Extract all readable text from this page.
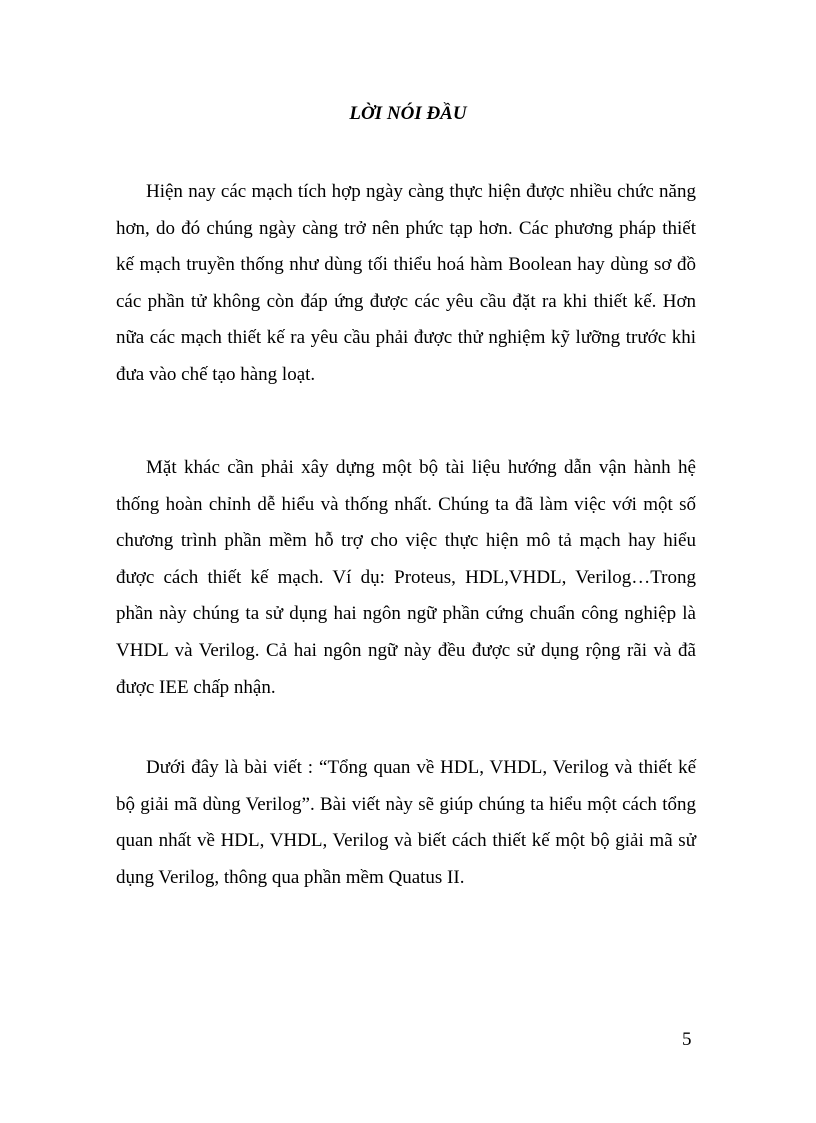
LỜI NÓI ĐẦU

Hiện nay các mạch tích hợp ngày càng thực hiện được nhiều chức năng hơn, do đó chúng ngày càng trở nên phức tạp hơn. Các phương pháp thiết kế mạch truyền thống như dùng tối thiểu hoá hàm Boolean hay dùng sơ đồ các phần tử không còn đáp ứng được các yêu cầu đặt ra khi thiết kế. Hơn nữa các mạch thiết kế ra yêu cầu phải được thử nghiệm kỹ lưỡng trước khi đưa vào chế tạo hàng loạt.

Mặt khác cần phải xây dựng một bộ tài liệu hướng dẫn vận hành hệ thống hoàn chỉnh dễ hiểu và thống nhất. Chúng ta đã làm việc với một số chương trình phần mềm hỗ trợ cho việc thực hiện mô tả mạch hay hiểu được cách thiết kế mạch. Ví dụ: Proteus, HDL,VHDL, Verilog…Trong phần này chúng ta sử dụng hai ngôn ngữ phần cứng chuẩn công nghiệp là VHDL và Verilog. Cả hai ngôn ngữ này đều được sử dụng rộng rãi và đã được IEE chấp nhận.

Dưới đây là bài viết : “Tổng quan về HDL, VHDL, Verilog và thiết kế bộ giải mã dùng Verilog”. Bài viết này sẽ giúp chúng ta hiểu một cách tổng quan nhất về HDL, VHDL, Verilog và biết cách thiết kế một bộ giải mã sử dụng Verilog, thông qua phần mềm Quatus II.

5
